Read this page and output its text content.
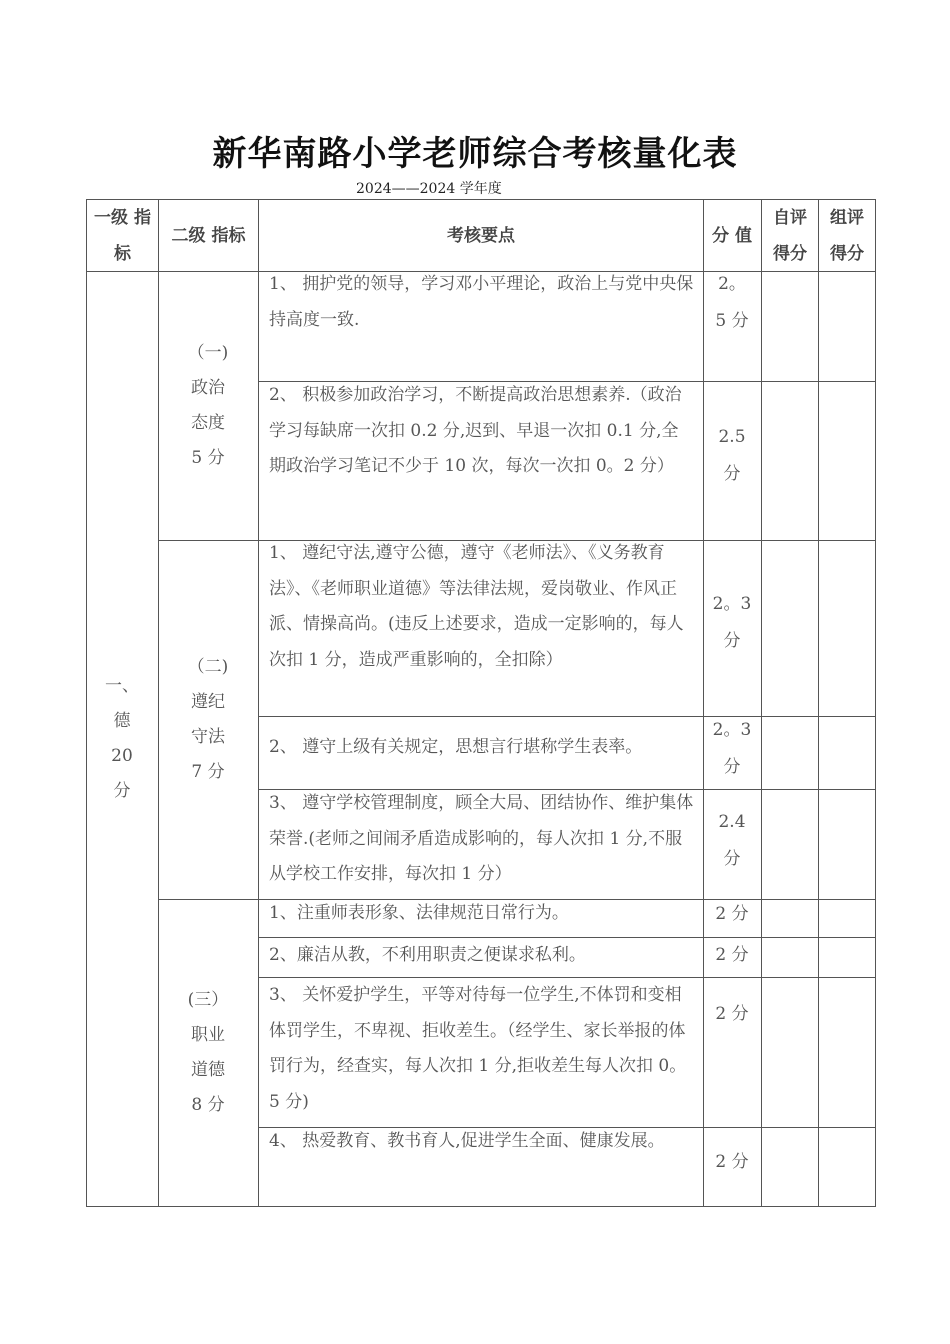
新华南路小学老师综合考核量化表
2024——2024 学年度
一级 指标
二级 指标	考核要点	分 值
自评 得分
组评 得分
一、 德 20 分
（一) 政治 态度 5 分
（二) 遵纪 守法 7 分
(三） 职业 道德 8 分
1、 拥护党的领导，学习邓小平理论，政治上与党中央保持高度一致.
2、 积极参加政治学习，不断提高政治思想素养.（政治学习每缺席一次扣 0.2 分,迟到、早退一次扣 0.1 分,全期政治学习笔记不少于 10 次，每次一次扣 0。2 分）
1、 遵纪守法,遵守公德，遵守《老师法》、《义务教育法》、《老师职业道德》等法律法规，爱岗敬业、作风正派、情操高尚。(违反上述要求，造成一定影响的，每人次扣 1 分，造成严重影响的，全扣除）
2、 遵守上级有关规定，思想言行堪称学生表率。
3、 遵守学校管理制度，顾全大局、团结协作、维护集体荣誉.(老师之间闹矛盾造成影响的，每人次扣 1 分,不服从学校工作安排，每次扣 1 分）
1、注重师表形象、法律规范日常行为。
2、廉洁从教，不利用职责之便谋求私利。
3、 关怀爱护学生，平等对待每一位学生,不体罚和变相体罚学生，不卑视、拒收差生。（经学生、家长举报的体罚行为，经查实，每人次扣 1 分,拒收差生每人次扣 0。5 分)
4、 热爱教育、教书育人,促进学生全面、健康发展。
2。5 分
2.5 分
2。3 分
2。3 分
2.4 分
2 分
2 分
2 分
2 分
